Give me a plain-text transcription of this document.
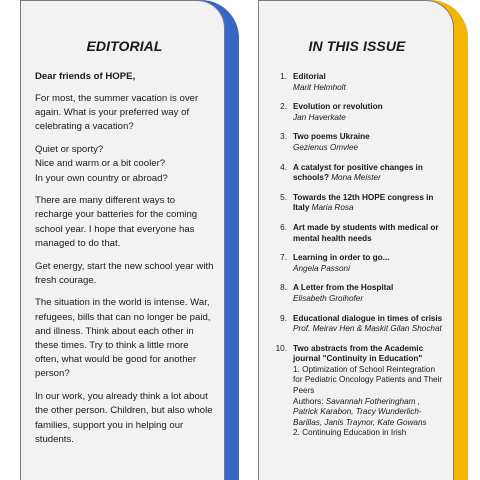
EDITORIAL
Dear friends of HOPE,

For most, the summer vacation is over again. What is your preferred way of celebrating a vacation?

Quiet or sporty?
Nice and warm or a bit cooler?
In your own country or abroad?

There are many different ways to recharge your batteries for the coming school year. I hope that everyone has managed to do that.

Get energy, start the new school year with fresh courage.

The situation in the world is intense. War, refugees, bills that can no longer be paid, and illness. Think about each other in these times. Try to think a little more often, what would be good for another person?

In our work, you already think a lot about the other person. Children, but also whole families, support you in helping our students.

IN THIS ISSUE
1. Editorial
Marit Helmholt
2. Evolution or revolution
Jan Haverkate
3. Two poems Ukraine
Gezienus Omvlee
4. A catalyst for positive changes in schools? Mona Meister
5. Towards the 12th HOPE congress in Italy Maria Rosa
6. Art made by students with medical or mental health needs
7. Learning in order to go...
Angela Passoni
8. A Letter from the Hospital
Elisabeth Groihofer
9. Educational dialogue in times of crisis
Prof. Meirav Hen & Maskit Gilan Shochat
10. Two abstracts from the Academic journal "Continuity in Education"
1. Optimization of School Reintegration for Pediatric Oncology Patients and Their Peers
Authors: Savannah Fotheringham , Patrick Karabon, Tracy Wunderlich-Barillas, Janis Traynor, Kate Gowans
2. Continuing Education in Irish
